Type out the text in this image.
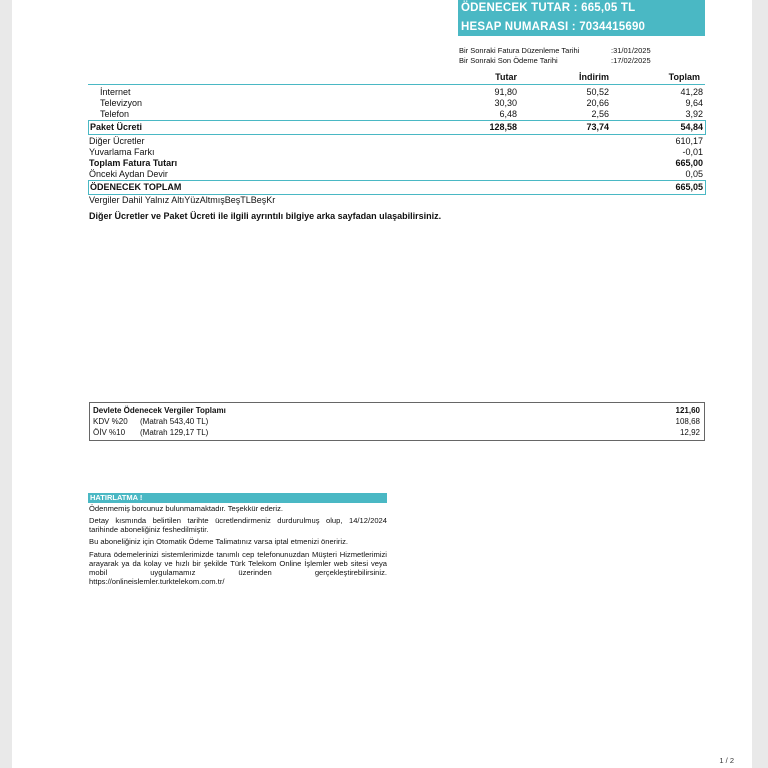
ÖDENECEK TUTAR : 665,05 TL
HESAP NUMARASI : 7034415690
Bir Sonraki Fatura Düzenleme Tarihi	:31/01/2025
Bir Sonraki Son Ödeme Tarihi	:17/02/2025
Tutar	İndirim	Toplam
İnternet	91,80	50,52	41,28
Televizyon	30,30	20,66	9,64
Telefon	6,48	2,56	3,92
Paket Ücreti	128,58	73,74	54,84
Diğer Ücretler	610,17
Yuvarlama Farkı	-0,01
Toplam Fatura Tutarı	665,00
Önceki Aydan Devir	0,05
ÖDENECEK TOPLAM	665,05
Vergiler Dahil Yalnız AltıYüzAltmışBeşTLBeşKr
Diğer Ücretler ve Paket Ücreti ile ilgili ayrıntılı bilgiye arka sayfadan ulaşabilirsiniz.
Devlete Ödenecek Vergiler Toplamı	121,60
KDV %20 (Matrah 543,40 TL)	108,68
ÖİV %10 (Matrah 129,17 TL)	12,92
HATIRLATMA !
Ödenmemiş borcunuz bulunmamaktadır. Teşekkür ederiz.
Detay kısmında belirtilen tarihte ücretlendirmeniz durdurulmuş olup, 14/12/2024 tarihinde aboneliğiniz feshedilmiştir.
Bu aboneliğiniz için Otomatik Ödeme Talimatınız varsa iptal etmenizi öneririz.
Fatura ödemelerinizi sistemlerimizde tanımlı cep telefonunuzdan Müşteri Hizmetlerimizi arayarak ya da kolay ve hızlı bir şekilde Türk Telekom Online İşlemler web sitesi veya mobil uygulamamız üzerinden gerçekleştirebilirsiniz. https://onlineislemler.turktelekom.com.tr/
1 / 2
